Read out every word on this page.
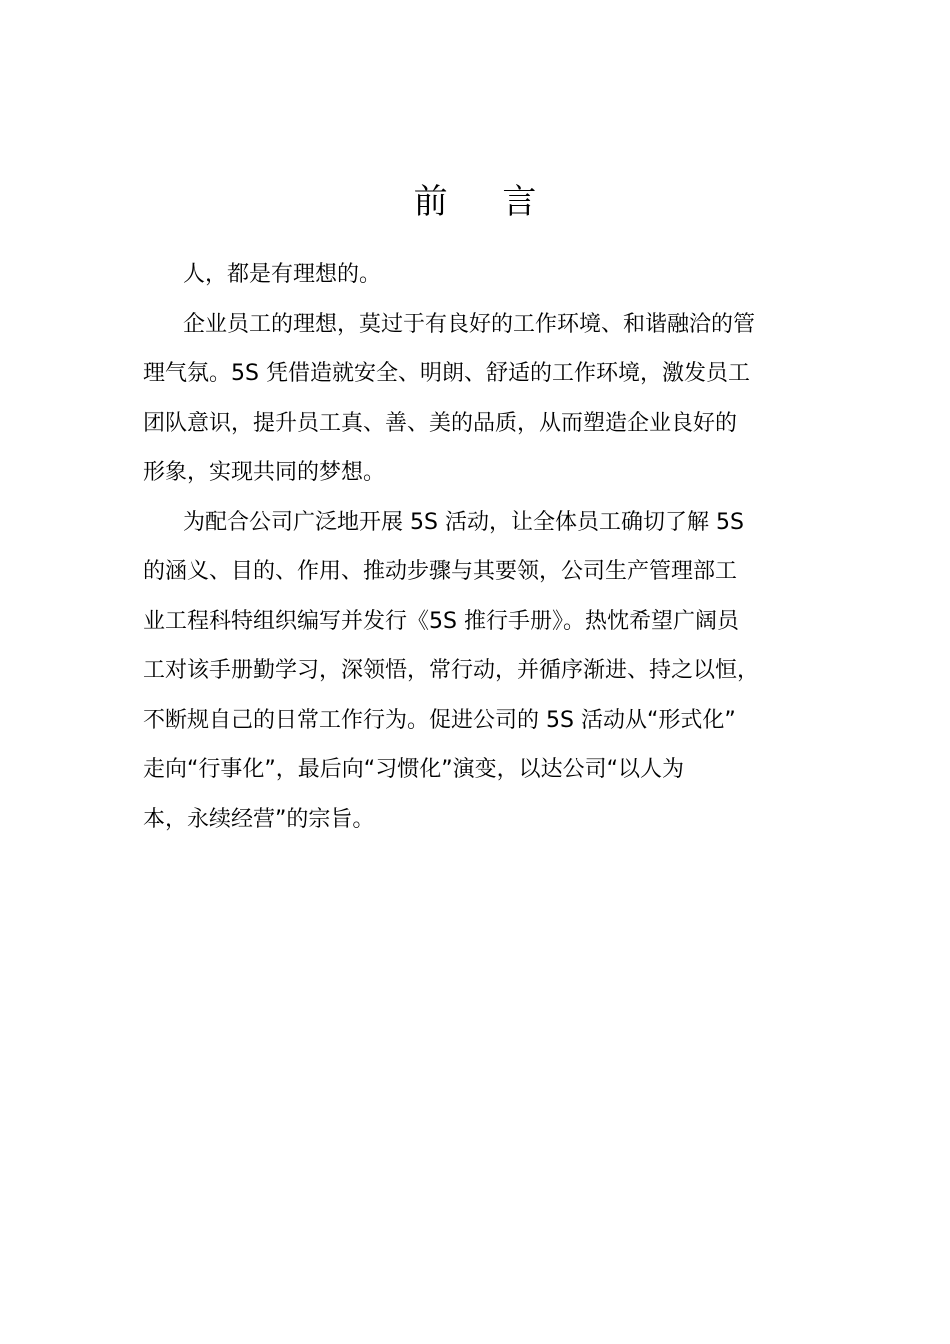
前 言

人，都是有理想的。

企业员工的理想，莫过于有良好的工作环境、和谐融洽的管
理气氛。5S 凭借造就安全、明朗、舒适的工作环境，激发员工
团队意识，提升员工真、善、美的品质，从而塑造企业良好的
形象，实现共同的梦想。

为配合公司广泛地开展 5S 活动，让全体员工确切了解 5S
的涵义、目的、作用、推动步骤与其要领，公司生产管理部工
业工程科特组织编写并发行《5S 推行手册》。热忱希望广阔员
工对该手册勤学习，深领悟，常行动，并循序渐进、持之以恒，
不断规自己的日常工作行为。促进公司的 5S 活动从“形式化”
走向“行事化”，最后向“习惯化”演变，以达公司“以人为
本，永续经营”的宗旨。
